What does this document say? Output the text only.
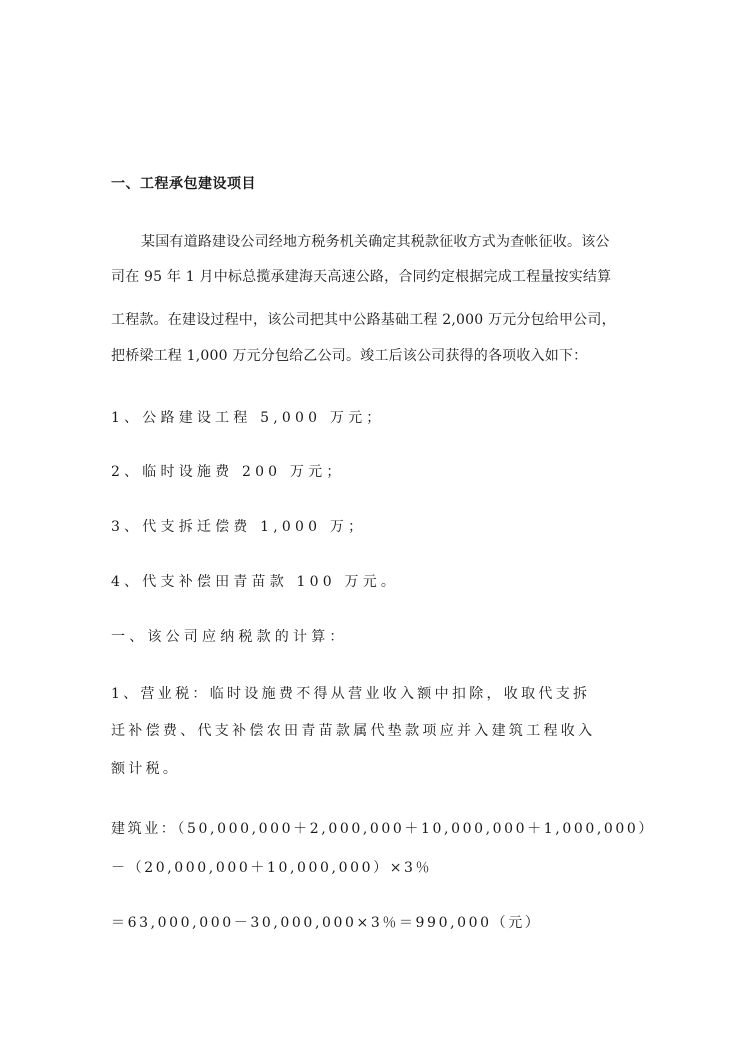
一、工程承包建设项目
某国有道路建设公司经地方税务机关确定其税款征收方式为查帐征收。该公
司在 95 年 1 月中标总揽承建海天高速公路，合同约定根据完成工程量按实结算
工程款。在建设过程中，该公司把其中公路基础工程 2,000 万元分包给甲公司，
把桥梁工程 1,000 万元分包给乙公司。竣工后该公司获得的各项收入如下：
1、公路建设工程 5,000 万元；
2、临时设施费 200 万元；
3、代支拆迁偿费 1,000 万；
4、代支补偿田青苗款 100 万元。
一、该公司应纳税款的计算：
1、营业税：临时设施费不得从营业收入额中扣除，收取代支拆
迁补偿费、代支补偿农田青苗款属代垫款项应并入建筑工程收入
额计税。
建筑业：（50,000,000＋2,000,000＋10,000,000＋1,000,000）
－（20,000,000＋10,000,000）×3％
＝63,000,000－30,000,000×3％＝990,000（元）
